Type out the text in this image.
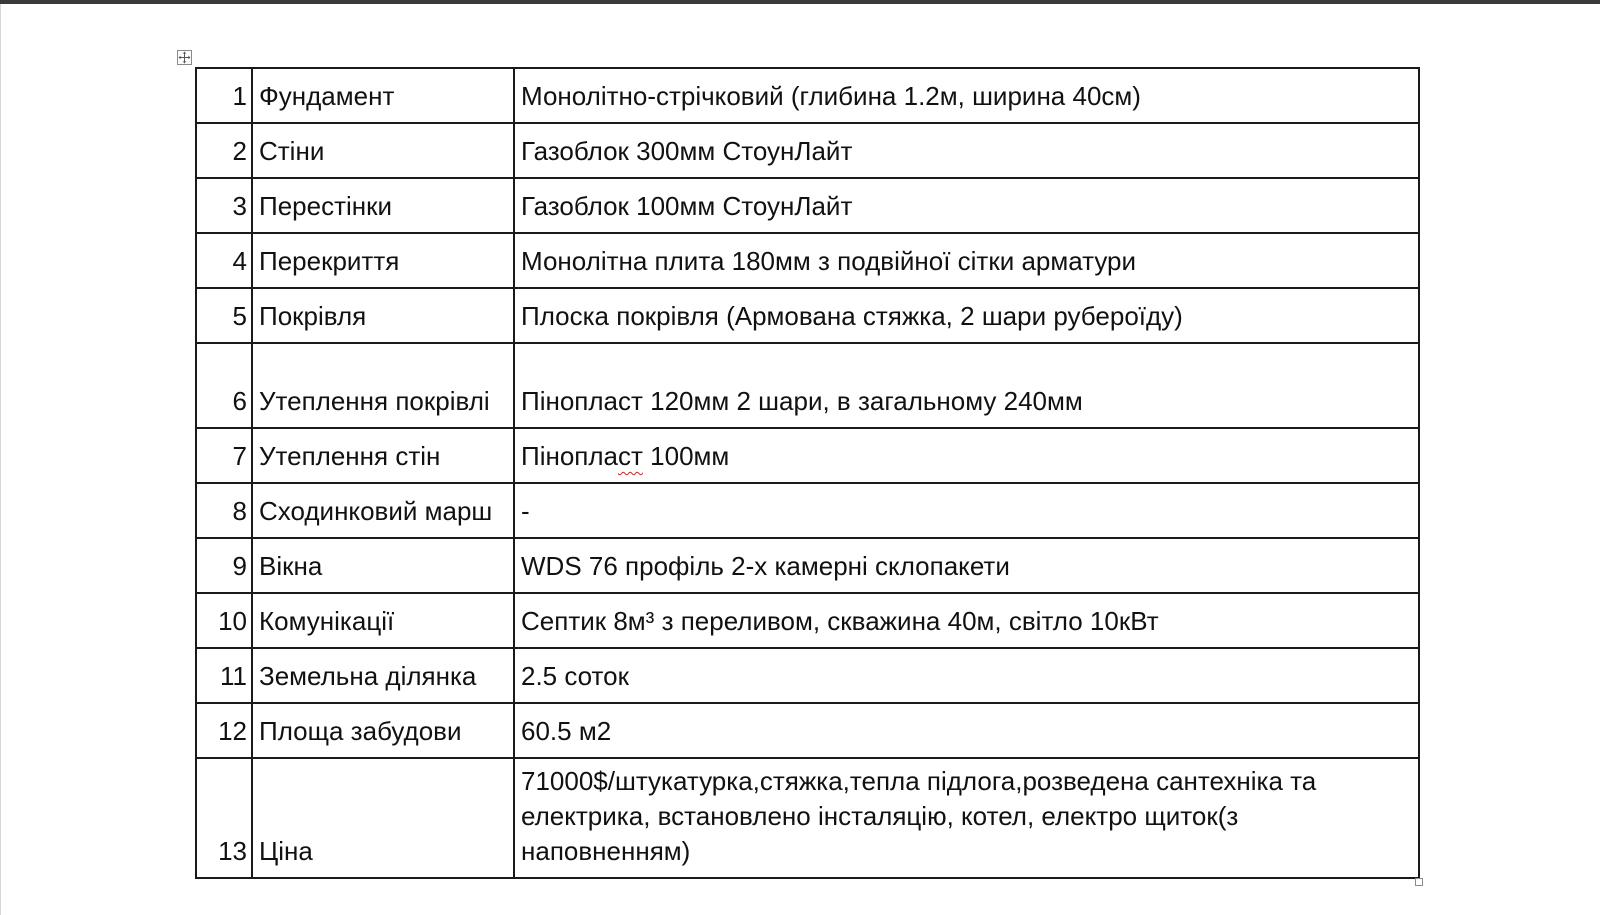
1	Фундамент	Монолітно-стрічковий (глибина 1.2м, ширина 40см)
2	Стіни	Газоблок 300мм СтоунЛайт
3	Перестінки	Газоблок 100мм СтоунЛайт
4	Перекриття	Монолітна плита 180мм з подвійної сітки арматури
5	Покрівля	Плоска покрівля (Армована стяжка, 2 шари руберοїду)
6	Утеплення покрівлі	Пінопласт 120мм 2 шари, в загальному 240мм
7	Утеплення стін	Пінопласт 100мм
8	Сходинковий марш	-
9	Вікна	WDS 76 профіль 2-х камерні склопакети
10	Комунікації	Септик 8м³ з переливом, скважина 40м, світло 10кВт
11	Земельна ділянка	2.5 соток
12	Площа забудови	60.5 м2
13	Ціна	71000$/штукатурка,стяжка,тепла підлога,розведена сантехніка та електрика, встановлено інсталяцію, котел, електро щиток(з наповненням)
